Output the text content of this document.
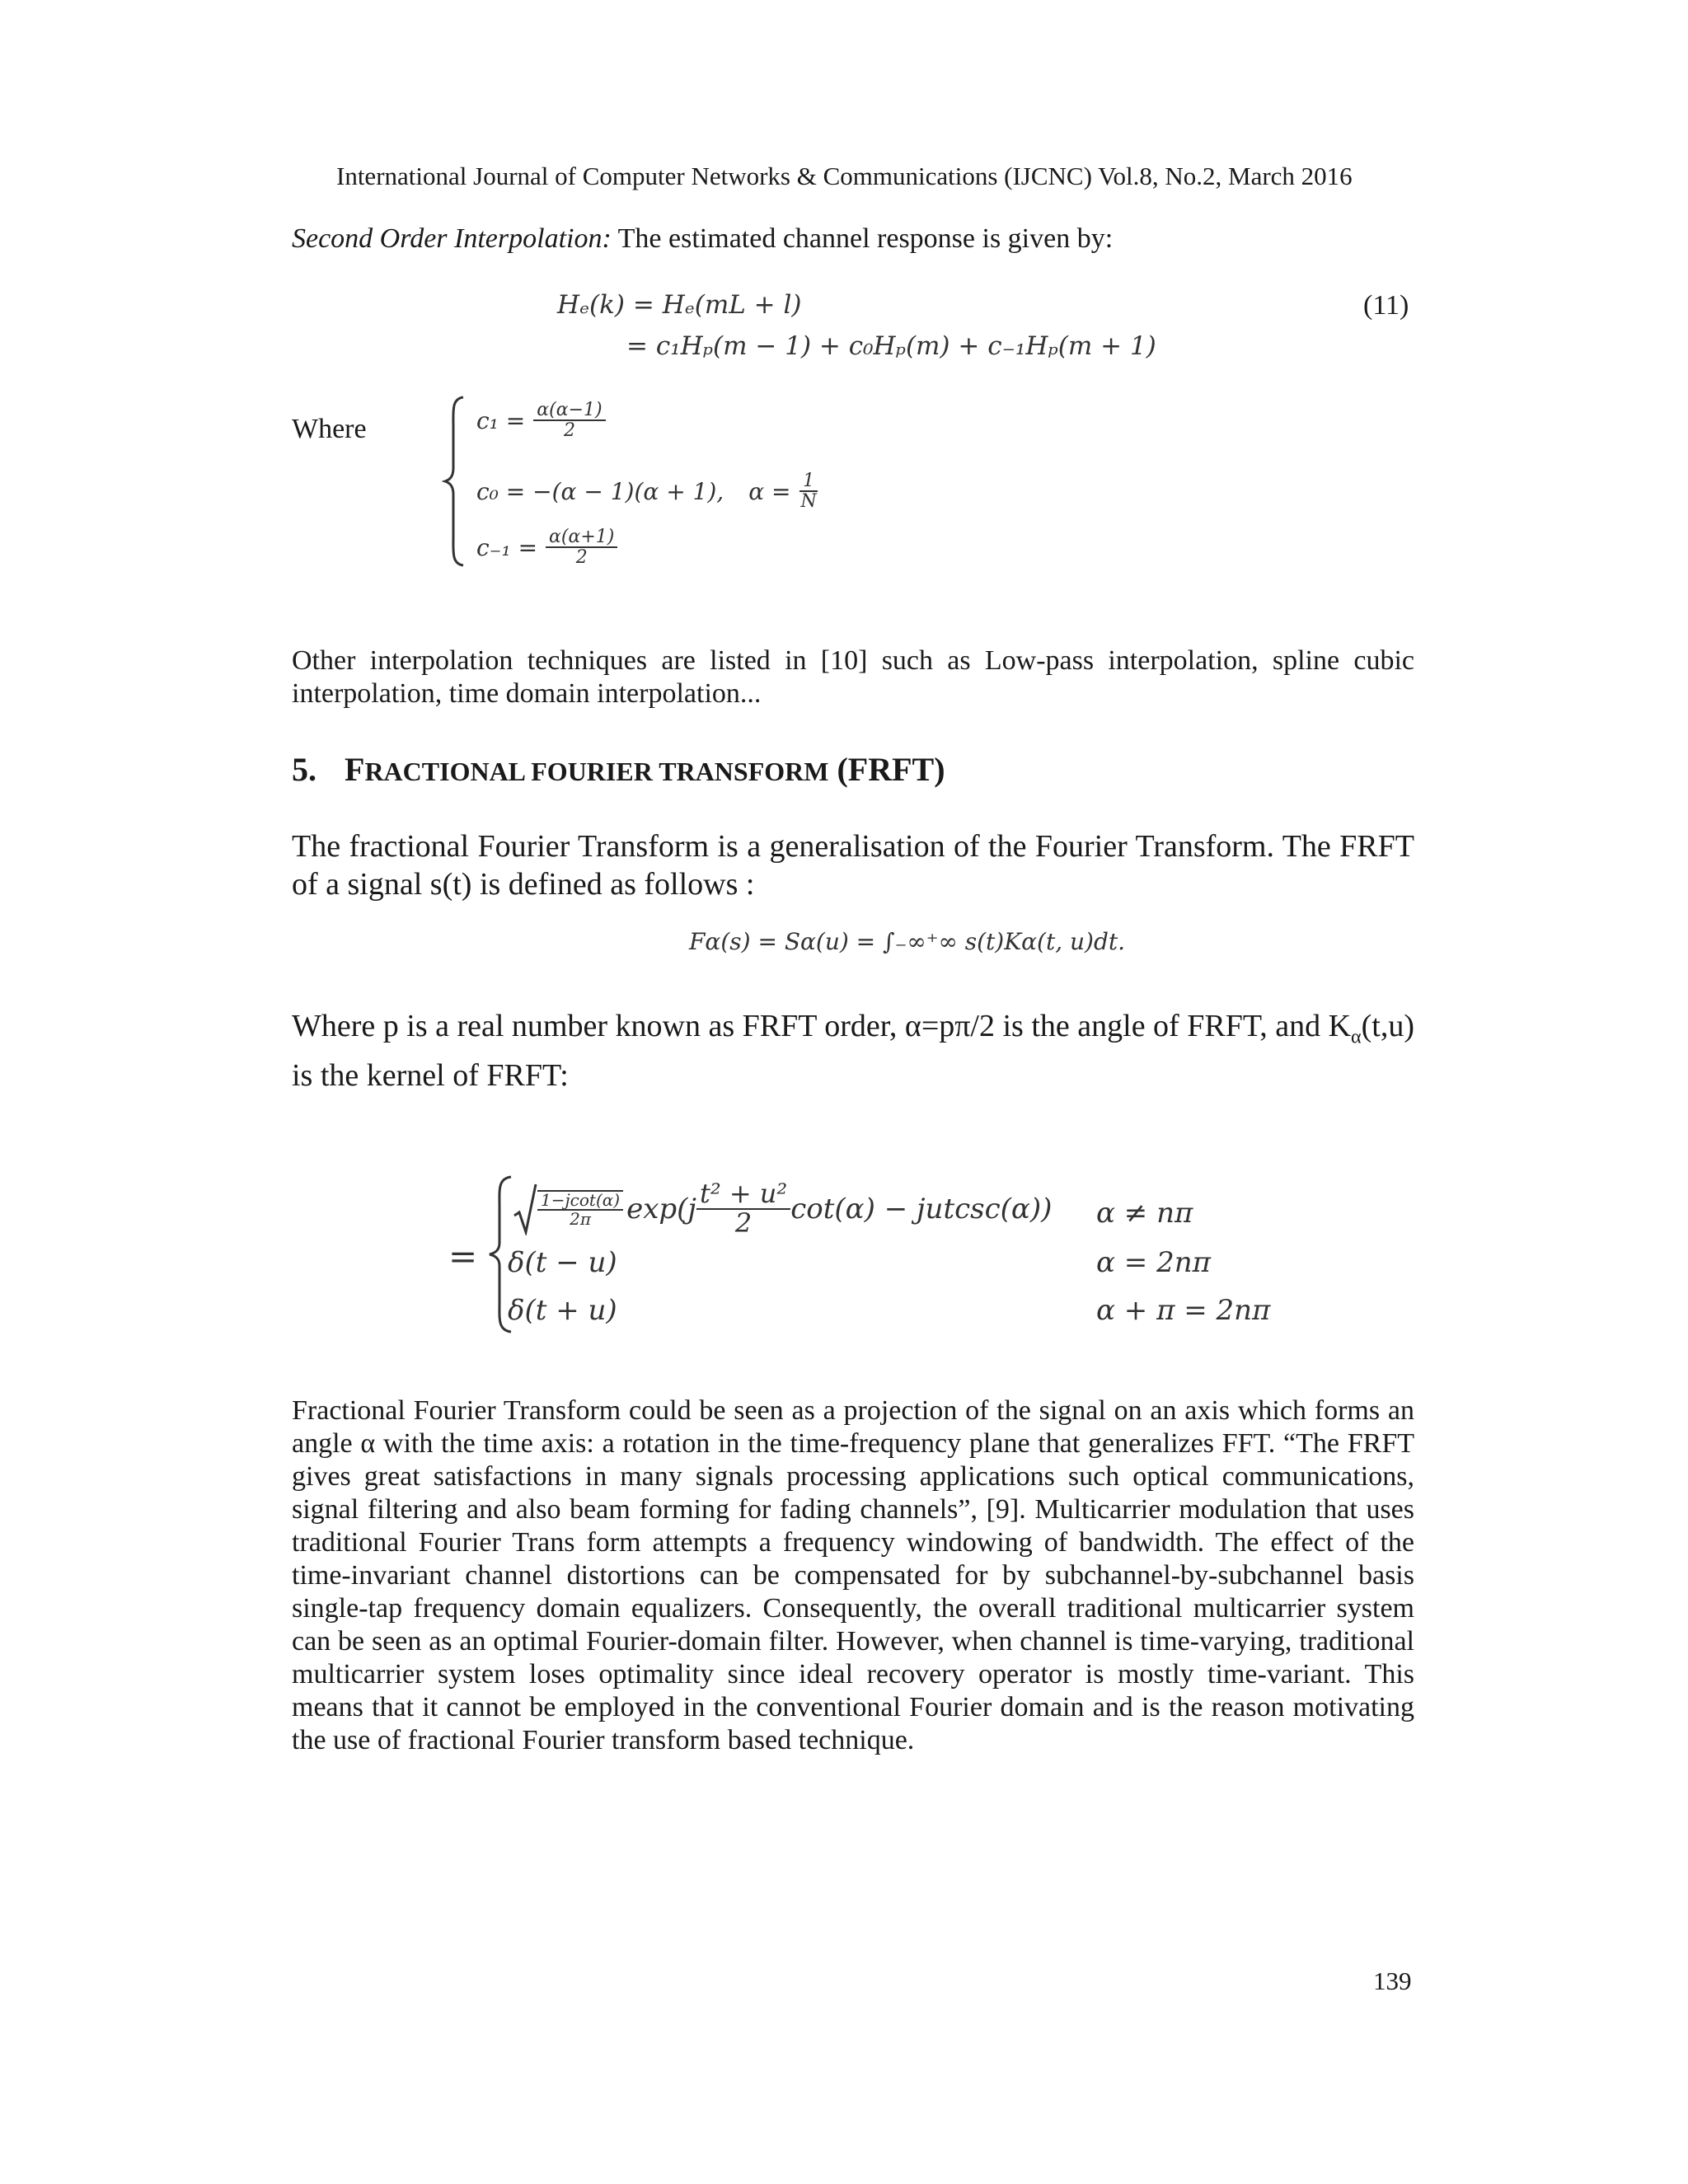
International Journal of Computer Networks & Communications (IJCNC) Vol.8, No.2, March 2016
Second Order Interpolation: The estimated channel response is given by:
Hₑ(k) = Hₑ(mL + l)
= c₁Hₚ(m − 1) + c₀Hₚ(m) + c₋₁Hₚ(m + 1)
(11)
Where	$c_1 = \frac{\alpha(\alpha-1)}{2}$
c₀ = −(α − 1)(α + 1), $\alpha = \frac{1}{N}$
$c_{-1} = \frac{\alpha(\alpha+1)}{2}$
Other interpolation techniques are listed in [10] such as Low-pass interpolation, spline cubic interpolation, time domain interpolation...
5. FRACTIONAL FOURIER TRANSFORM (FRFT)
The fractional Fourier Transform is a generalisation of the Fourier Transform. The FRFT of a signal s(t) is defined as follows :
Fα(s) = Sα(u) = ∫₋∞⁺∞ s(t)Kα(t, u)dt.
Where p is a real number known as FRFT order, α=pπ/2 is the angle of FRFT, and $K_\alpha(t,u)$ is the kernel of FRFT:
=
$\frac{1-jcot(\alpha)}{2\pi} \exp(j \frac{\text{t² + u²}}{2} \cot(\alpha) - jutcsc(\alpha)) \alpha \ne n\pi$
δ(t − u)	α = 2nπ
δ(t + u)	α + π = 2nπ
Fractional Fourier Transform could be seen as a projection of the signal on an axis which forms an angle α with the time axis: a rotation in the time-frequency plane that generalizes FFT. “The FRFT gives great satisfactions in many signals processing applications such optical communications, signal filtering and also beam forming for fading channels”, [9]. Multicarrier modulation that uses traditional Fourier Trans form attempts a frequency windowing of bandwidth. The effect of the time-invariant channel distortions can be compensated for by subchannel-by-subchannel basis single-tap frequency domain equalizers. Consequently, the overall traditional multicarrier system can be seen as an optimal Fourier-domain filter. However, when channel is time-varying, traditional multicarrier system loses optimality since ideal recovery operator is mostly time-variant. This means that it cannot be employed in the conventional Fourier domain and is the reason motivating the use of fractional Fourier transform based technique.
139
